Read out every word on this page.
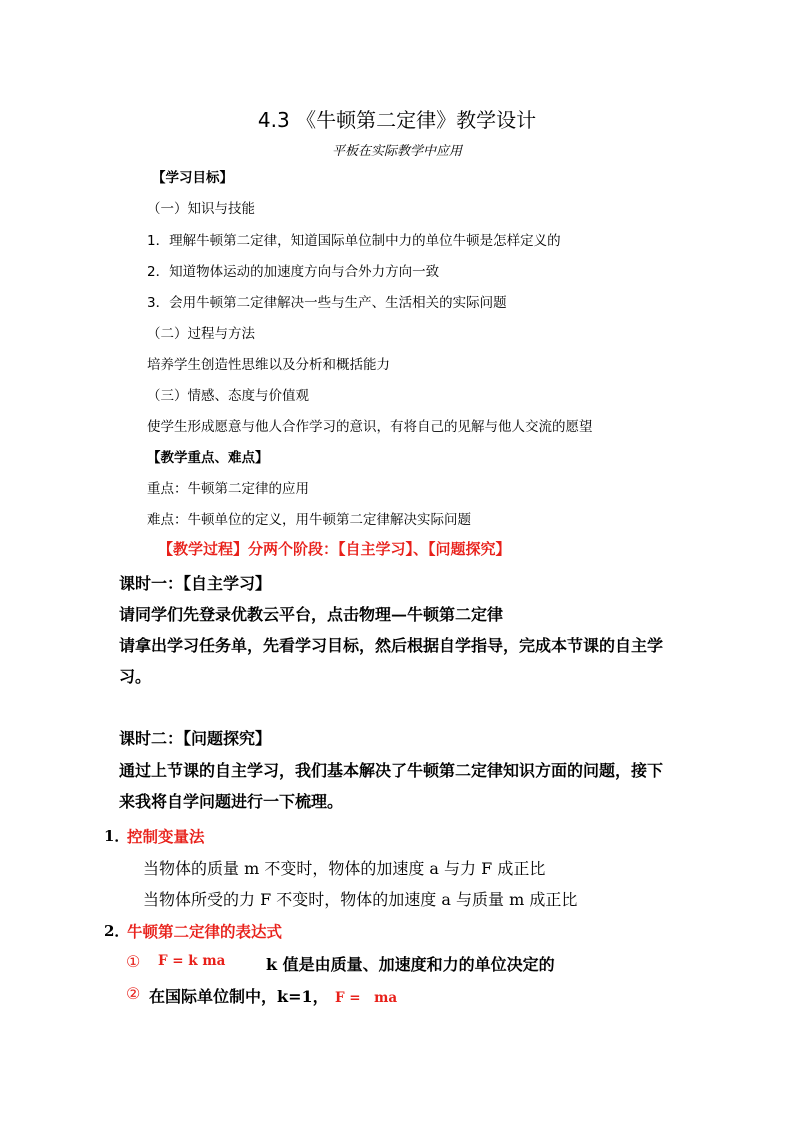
4.3 《牛顿第二定律》教学设计
平板在实际教学中应用
【学习目标】
（一）知识与技能
1．理解牛顿第二定律，知道国际单位制中力的单位牛顿是怎样定义的
2．知道物体运动的加速度方向与合外力方向一致
3．会用牛顿第二定律解决一些与生产、生活相关的实际问题
（二）过程与方法
培养学生创造性思维以及分析和概括能力
（三）情感、态度与价值观
使学生形成愿意与他人合作学习的意识，有将自己的见解与他人交流的愿望
【教学重点、难点】
重点：牛顿第二定律的应用
难点：牛顿单位的定义，用牛顿第二定律解决实际问题
【教学过程】分两个阶段：【自主学习】、【问题探究】
课时一：【自主学习】
请同学们先登录优教云平台，点击物理—牛顿第二定律
请拿出学习任务单，先看学习目标，然后根据自学指导，完成本节课的自主学
习。
课时二：【问题探究】
通过上节课的自主学习，我们基本解决了牛顿第二定律知识方面的问题，接下
来我将自学问题进行一下梳理。
1．
控制变量法
当物体的质量 m 不变时，物体的加速度 a 与力 F 成正比
当物体所受的力 F 不变时，物体的加速度 a 与质量 m 成正比
2．
牛顿第二定律的表达式
① F = k ma	k 值是由质量、加速度和力的单位决定的
② 在国际单位制中，k=1， F =　ma
